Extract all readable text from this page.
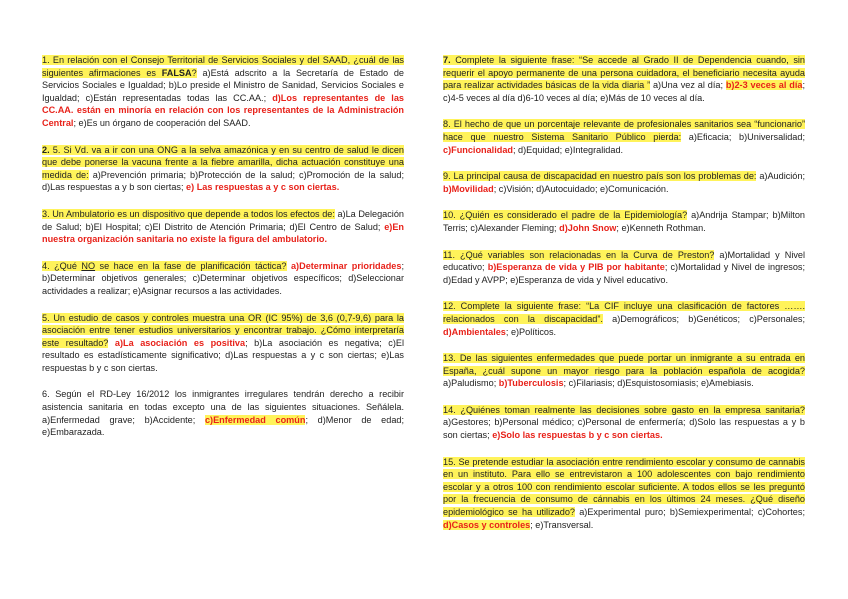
1. En relación con el Consejo Territorial de Servicios Sociales y del SAAD, ¿cuál de las siguientes afirmaciones es FALSA? a)Está adscrito a la Secretaría de Estado de Servicios Sociales e Igualdad; b)Lo preside el Ministro de Sanidad, Servicios Sociales e Igualdad; c)Están representadas todas las CC.AA.; d)Los representantes de las CC.AA. están en minoría en relación con los representantes de la Administración Central; e)Es un órgano de cooperación del SAAD.

2. 5. Si Vd. va a ir con una ONG a la selva amazónica y en su centro de salud le dicen que debe ponerse la vacuna frente a la fiebre amarilla, dicha actuación constituye una medida de: a)Prevención primaria; b)Protección de la salud; c)Promoción de la salud; d)Las respuestas a y b son ciertas; e) Las respuestas a y c son ciertas.

3. Un Ambulatorio es un dispositivo que depende a todos los efectos de: a)La Delegación de Salud; b)El Hospital; c)El Distrito de Atención Primaria; d)El Centro de Salud; e)En nuestra organización sanitaria no existe la figura del ambulatorio.

4. ¿Qué NO se hace en la fase de planificación táctica? a)Determinar prioridades; b)Determinar objetivos generales; c)Determinar objetivos específicos; d)Seleccionar actividades a realizar; e)Asignar recursos a las actividades.

5. Un estudio de casos y controles muestra una OR (IC 95%) de 3,6 (0,7-9,6) para la asociación entre tener estudios universitarios y encontrar trabajo. ¿Cómo interpretaría este resultado? a)La asociación es positiva; b)La asociación es negativa; c)El resultado es estadísticamente significativo; d)Las respuestas a y c son ciertas; e)Las respuestas b y c son ciertas.

6. Según el RD-Ley 16/2012 los inmigrantes irregulares tendrán derecho a recibir asistencia sanitaria en todas excepto una de las siguientes situaciones. Señálela. a)Enfermedad grave; b)Accidente; c)Enfermedad común; d)Menor de edad; e)Embarazada.

7. Complete la siguiente frase: “Se accede al Grado II de Dependencia cuando, sin requerir el apoyo permanente de una persona cuidadora, el beneficiario necesita ayuda para realizar actividades básicas de la vida diaria ” a)Una vez al día; b)2-3 veces al día; c)4-5 veces al día d)6-10 veces al día; e)Más de 10 veces al día.

8. El hecho de que un porcentaje relevante de profesionales sanitarios sea “funcionario” hace que nuestro Sistema Sanitario Público pierda: a)Eficacia; b)Universalidad; c)Funcionalidad; d)Equidad; e)Integralidad.

9. La principal causa de discapacidad en nuestro país son los problemas de: a)Audición; b)Movilidad; c)Visión; d)Autocuidado; e)Comunicación.

10. ¿Quién es considerado el padre de la Epidemiología? a)Andrija Stampar; b)Milton Terris; c)Alexander Fleming; d)John Snow; e)Kenneth Rothman.

11. ¿Qué variables son relacionadas en la Curva de Preston? a)Mortalidad y Nivel educativo; b)Esperanza de vida y PIB por habitante; c)Mortalidad y Nivel de ingresos; d)Edad y AVPP; e)Esperanza de vida y Nivel educativo.

12. Complete la siguiente frase: “La CIF incluye una clasificación de factores ……. relacionados con la discapacidad”. a)Demográficos; b)Genéticos; c)Personales; d)Ambientales; e)Políticos.

13. De las siguientes enfermedades que puede portar un inmigrante a su entrada en España, ¿cuál supone un mayor riesgo para la población española de acogida? a)Paludismo; b)Tuberculosis; c)Filariasis; d)Esquistosomiasis; e)Amebiasis.

14. ¿Quiénes toman realmente las decisiones sobre gasto en la empresa sanitaria? a)Gestores; b)Personal médico; c)Personal de enfermería; d)Solo las respuestas a y b son ciertas; e)Solo las respuestas b y c son ciertas.

15. Se pretende estudiar la asociación entre rendimiento escolar y consumo de cannabis en un instituto. Para ello se entrevistaron a 100 adolescentes con bajo rendimiento escolar y a otros 100 con rendimiento escolar suficiente. A todos ellos se les preguntó por la frecuencia de consumo de cánnabis en los últimos 24 meses. ¿Qué diseño epidemiológico se ha utilizado? a)Experimental puro; b)Semiexperimental; c)Cohortes; d)Casos y controles; e)Transversal.
